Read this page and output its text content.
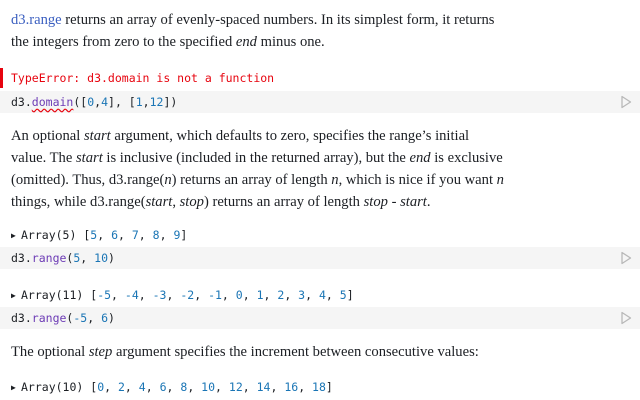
d3.range returns an array of evenly-spaced numbers. In its simplest form, it returns
the integers from zero to the specified end minus one.
TypeError: d3.domain is not a function
d3.domain([0,4], [1,12])
An optional start argument, which defaults to zero, specifies the range’s initial
value. The start is inclusive (included in the returned array), but the end is exclusive
(omitted). Thus, d3.range(n) returns an array of length n, which is nice if you want n
things, while d3.range(start, stop) returns an array of length stop - start.
▶ Array(5) [5, 6, 7, 8, 9]
d3.range(5, 10)
▶ Array(11) [-5, -4, -3, -2, -1, 0, 1, 2, 3, 4, 5]
d3.range(-5, 6)
The optional step argument specifies the increment between consecutive values:
▶ Array(10) [0, 2, 4, 6, 8, 10, 12, 14, 16, 18]
